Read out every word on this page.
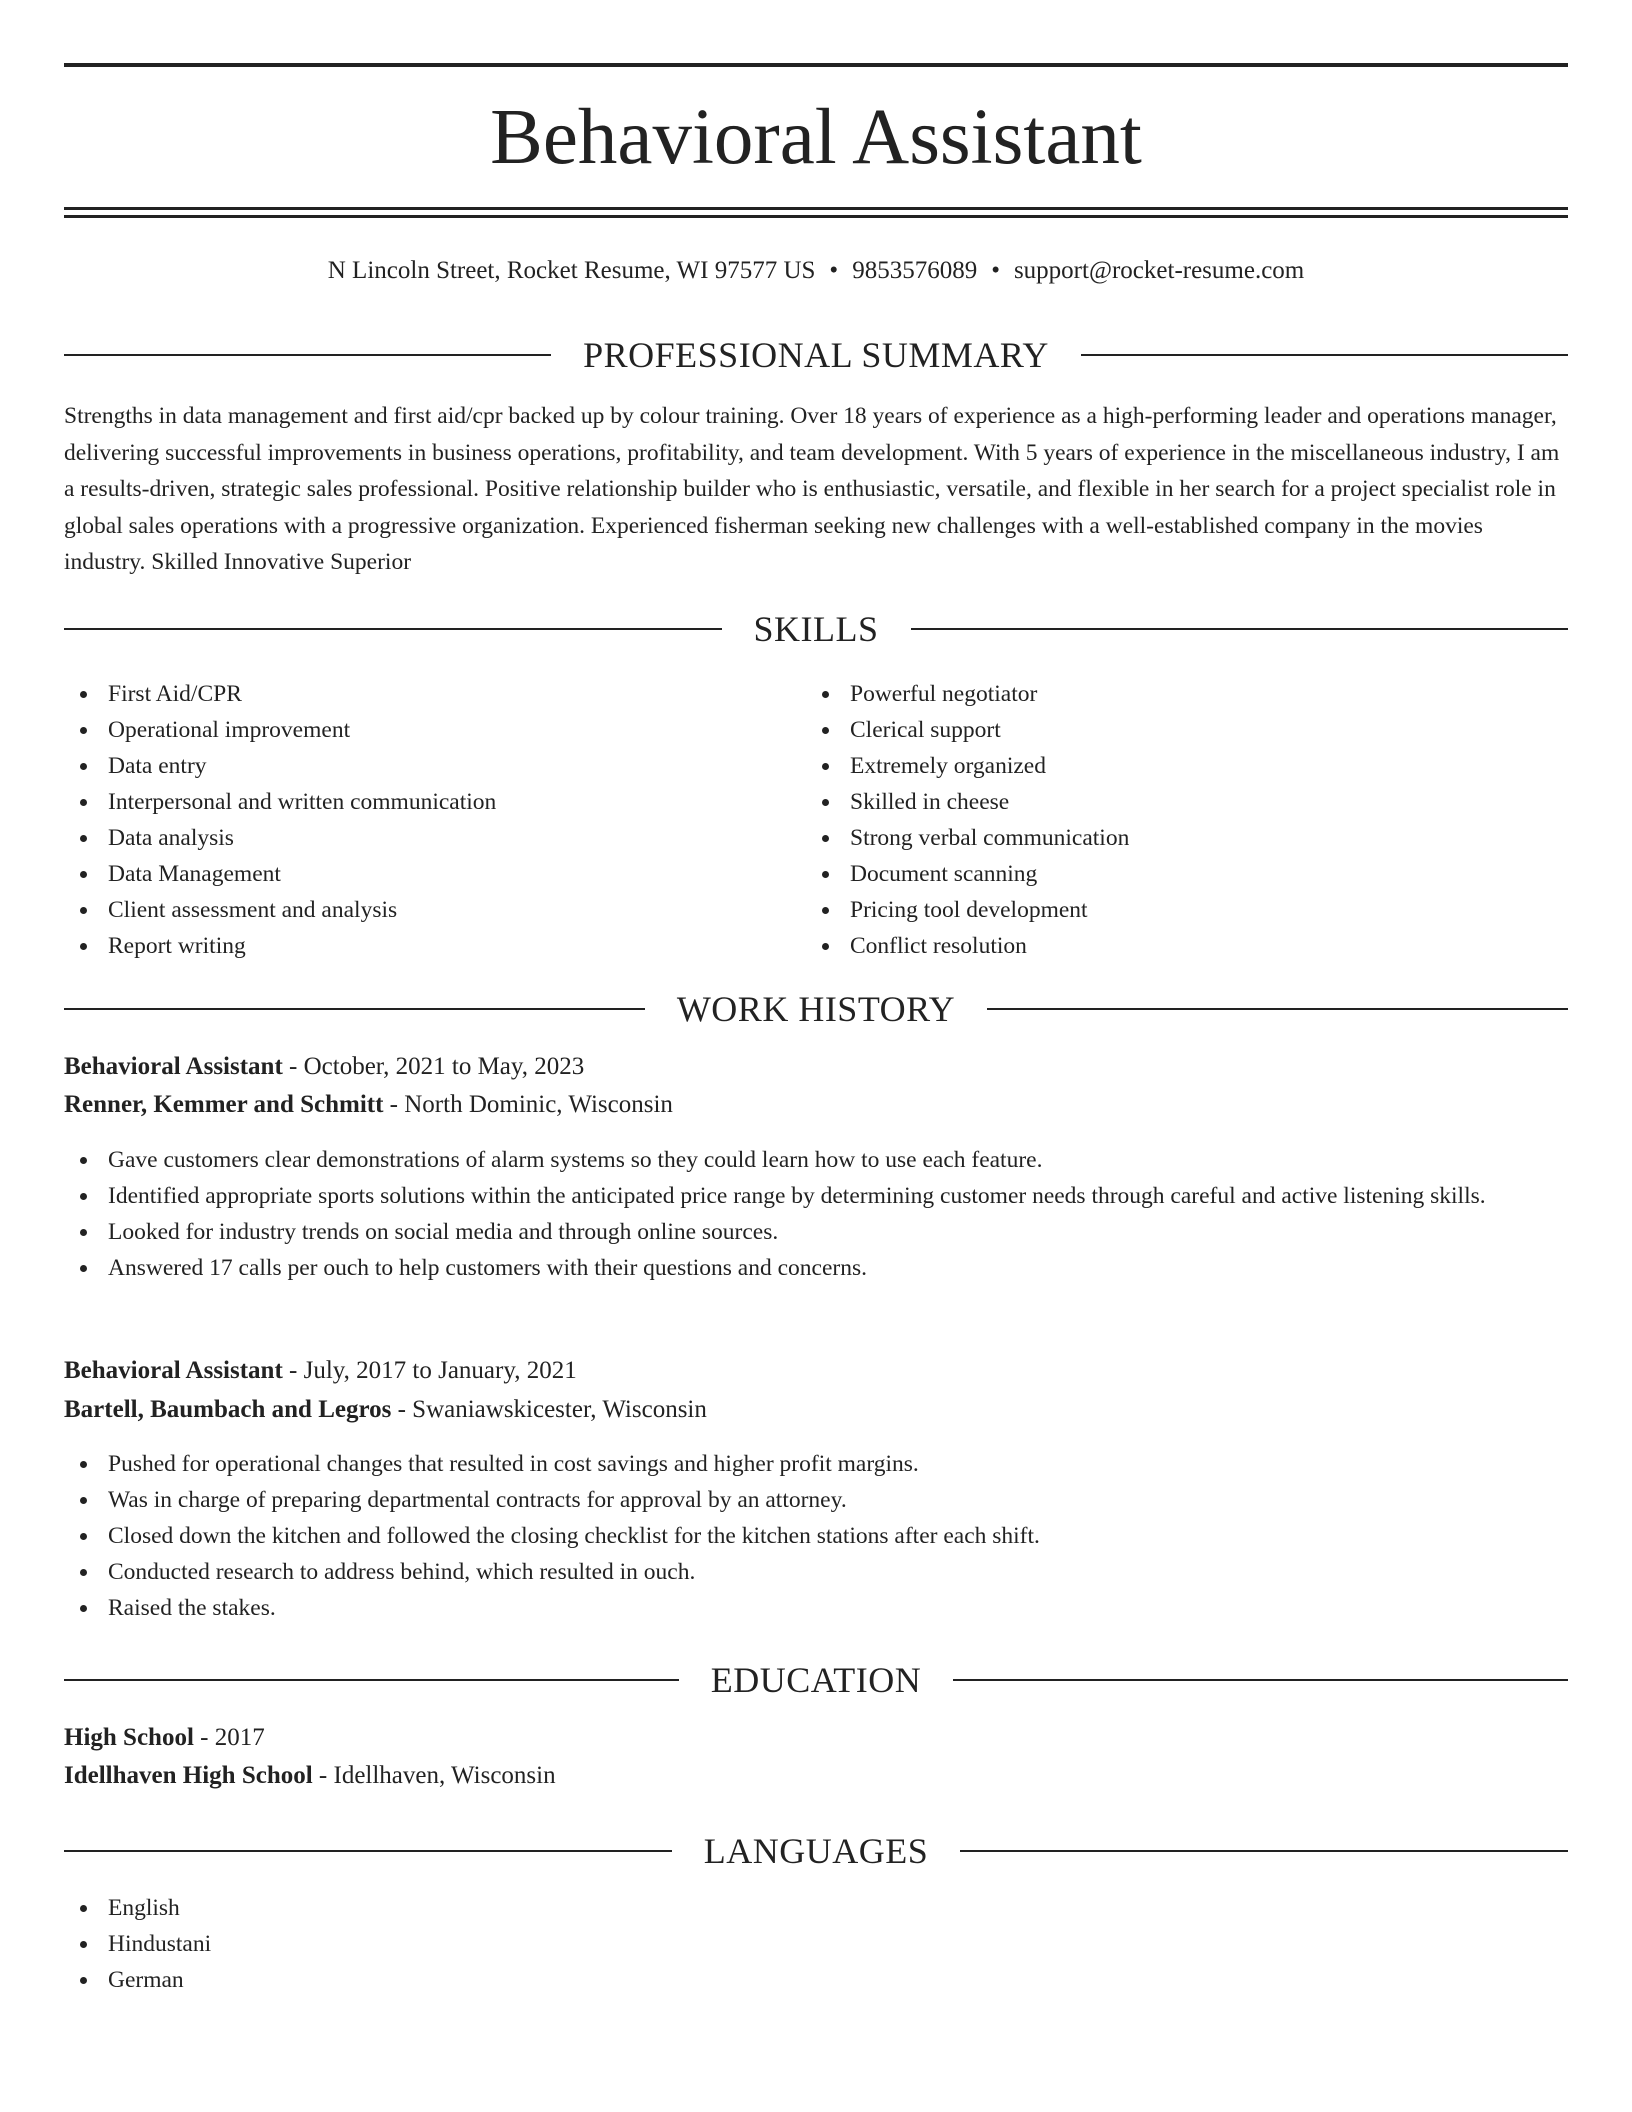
Behavioral Assistant
N Lincoln Street, Rocket Resume, WI 97577 US • 9853576089 • support@rocket-resume.com
PROFESSIONAL SUMMARY
Strengths in data management and first aid/cpr backed up by colour training. Over 18 years of experience as a high-performing leader and operations manager, delivering successful improvements in business operations, profitability, and team development. With 5 years of experience in the miscellaneous industry, I am a results-driven, strategic sales professional. Positive relationship builder who is enthusiastic, versatile, and flexible in her search for a project specialist role in global sales operations with a progressive organization. Experienced fisherman seeking new challenges with a well-established company in the movies industry. Skilled Innovative Superior
SKILLS
First Aid/CPR
Operational improvement
Data entry
Interpersonal and written communication
Data analysis
Data Management
Client assessment and analysis
Report writing
Powerful negotiator
Clerical support
Extremely organized
Skilled in cheese
Strong verbal communication
Document scanning
Pricing tool development
Conflict resolution
WORK HISTORY
Behavioral Assistant - October, 2021 to May, 2023
Renner, Kemmer and Schmitt - North Dominic, Wisconsin
Gave customers clear demonstrations of alarm systems so they could learn how to use each feature.
Identified appropriate sports solutions within the anticipated price range by determining customer needs through careful and active listening skills.
Looked for industry trends on social media and through online sources.
Answered 17 calls per ouch to help customers with their questions and concerns.
Behavioral Assistant - July, 2017 to January, 2021
Bartell, Baumbach and Legros - Swaniawskicester, Wisconsin
Pushed for operational changes that resulted in cost savings and higher profit margins.
Was in charge of preparing departmental contracts for approval by an attorney.
Closed down the kitchen and followed the closing checklist for the kitchen stations after each shift.
Conducted research to address behind, which resulted in ouch.
Raised the stakes.
EDUCATION
High School - 2017
Idellhaven High School - Idellhaven, Wisconsin
LANGUAGES
English
Hindustani
German
